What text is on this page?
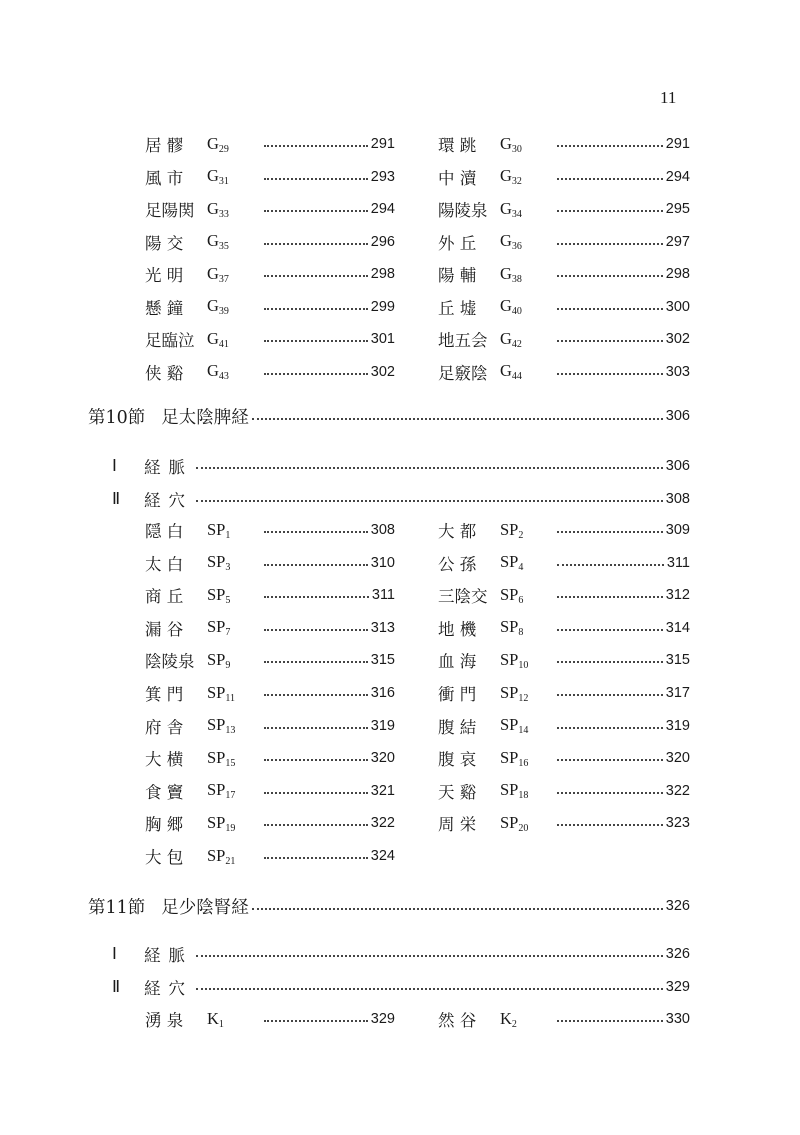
11
居 髎	$G_{29}$	291	環 跳	$G_{30}$	291
風 市	$G_{31}$	293	中 瀆	$G_{32}$	294
足陽関 $G_{33}$	294	陽陵泉 $G_{34}$	295
陽 交	$G_{35}$	296	外 丘	$G_{36}$	297
光 明	$G_{37}$	298	陽 輔	$G_{38}$	298
懸 鐘	$G_{39}$	299	丘 墟	$G_{40}$	300
足臨泣 $G_{41}$	301	地五会 $G_{42}$	302
侠 谿	$G_{43}$	302	足竅陰 $G_{44}$	303
第10節 足太陰脾経	306
Ⅰ	経脈	306
Ⅱ	経穴	308
隠 白	$SP_1$	308	大 都	$SP_2$	309
太 白	$SP_3$	310	公 孫	$SP_4$	311
商 丘	$SP_5$	311	三陰交 $SP_6$	312
漏 谷	$SP_7$	313	地 機	$SP_8$	314
陰陵泉 $SP_9$	315	血 海	$SP_{10}$	315
箕 門	$SP_{11}$	316	衝 門	$SP_{12}$	317
府 舎	$SP_{13}$	319	腹 結	$SP_{14}$	319
大 横	$SP_{15}$	320	腹 哀	$SP_{16}$	320
食 竇	$SP_{17}$	321	天 谿	$SP_{18}$	322
胸 郷	$SP_{19}$	322	周 栄	$SP_{20}$	323
大 包	$SP_{21}$	324
第11節 足少陰腎経	326
Ⅰ	経脈	326
Ⅱ	経穴	329
湧 泉	$K_1$	329	然 谷	$K_2$	330
